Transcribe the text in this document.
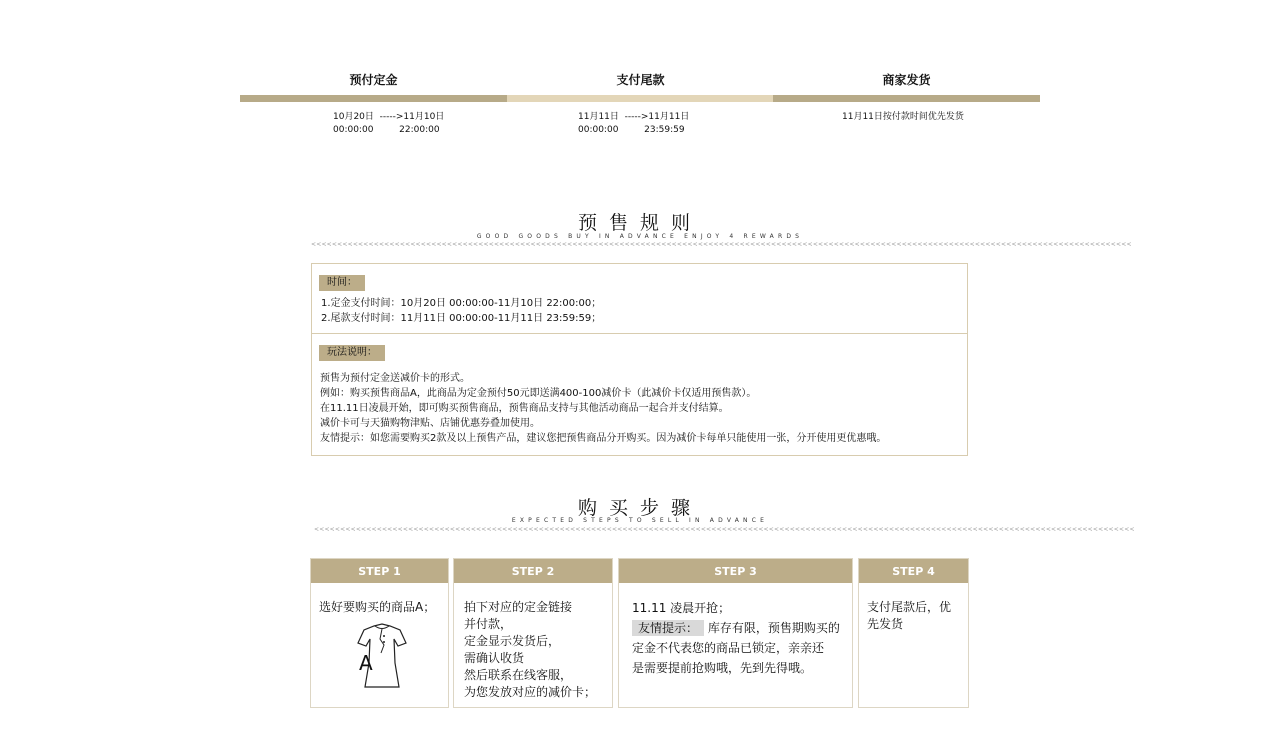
预付定金	支付尾款	商家发货
10月20日  ----->11月10日
00:00:00         22:00:00
11月11日  ----->11月11日
00:00:00         23:59:59
11月11日按付款时间优先发货
预售规则
GOOD GOODS BUY IN ADVANCE ENJOY 4 REWARDS
<<<<<<<<<<<<<<<<<<<<<<<<<<<<<<<<<<<<<<<<<<<<<<<<<<<<<<<<<<<<<<<<<<<<<<<<<<<<<<<<<<<<<<<<<<<<<<<<<<<<<<<<<<<<<<<<<<<<<<<<<<<<<<<<<<<<<<<<<<<<<<<<<<<<<<<<<<<<<
时间：
1.定金支付时间：10月20日 00:00:00-11月10日 22:00:00；
2.尾款支付时间：11月11日 00:00:00-11月11日 23:59:59；
玩法说明：
预售为预付定金送减价卡的形式。
例如：购买预售商品A，此商品为定金预付50元即送满400-100减价卡（此减价卡仅适用预售款）。
在11.11日凌晨开始，即可购买预售商品，预售商品支持与其他活动商品一起合并支付结算。
减价卡可与天猫购物津贴、店铺优惠券叠加使用。
友情提示：如您需要购买2款及以上预售产品，建议您把预售商品分开购买。因为减价卡每单只能使用一张，分开使用更优惠哦。
购买步骤
EXPECTED STEPS TO SELL IN ADVANCE
<<<<<<<<<<<<<<<<<<<<<<<<<<<<<<<<<<<<<<<<<<<<<<<<<<<<<<<<<<<<<<<<<<<<<<<<<<<<<<<<<<<<<<<<<<<<<<<<<<<<<<<<<<<<<<<<<<<<<<<<<<<<<<<<<<<<<<<<<<<<<<<<<<<<<<<<<<<<<
STEP 1
选好要购买的商品A；
A
STEP 2
拍下对应的定金链接
并付款，
定金显示发货后，
需确认收货
然后联系在线客服，
为您发放对应的减价卡；
STEP 3
11.11 凌晨开抢；
友情提示： 库存有限，预售期购买的
定金不代表您的商品已锁定，亲亲还
是需要提前抢购哦，先到先得哦。
STEP 4
支付尾款后，优
先发货
